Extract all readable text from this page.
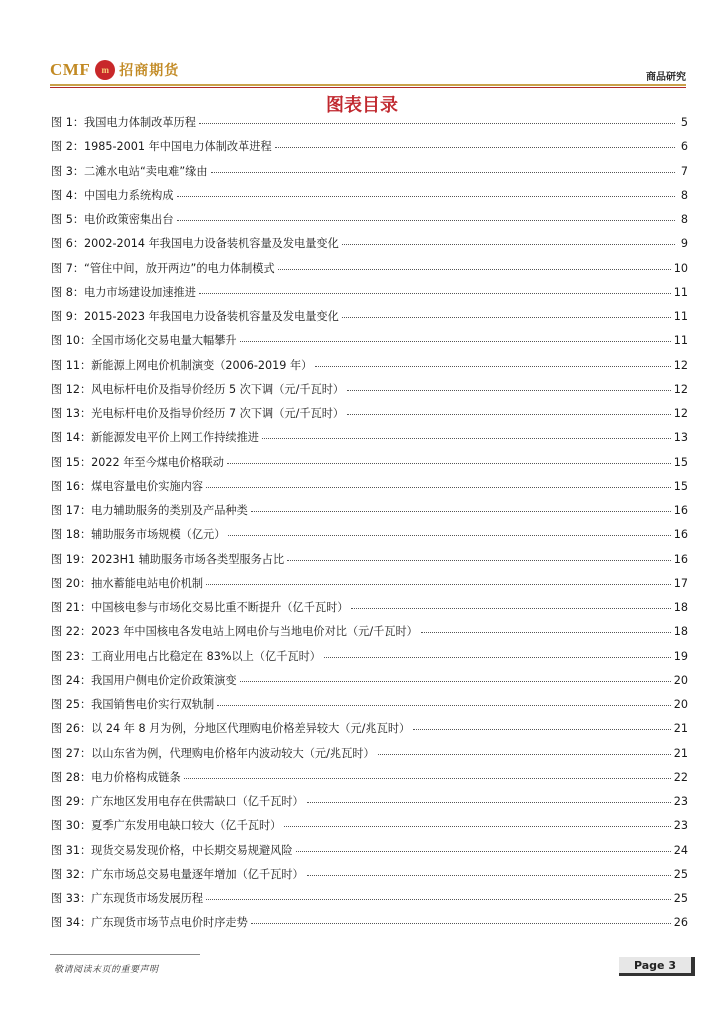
CMF	m 招商期货	商品研究
图表目录
图 1：我国电力体制改革历程	5
图 2：1985-2001 年中国电力体制改革进程	6
图 3：二滩水电站“卖电难”缘由	7
图 4：中国电力系统构成	8
图 5：电价政策密集出台	8
图 6：2002-2014 年我国电力设备装机容量及发电量变化	9
图 7：“管住中间，放开两边”的电力体制模式	10
图 8：电力市场建设加速推进	11
图 9：2015-2023 年我国电力设备装机容量及发电量变化	11
图 10：全国市场化交易电量大幅攀升	11
图 11：新能源上网电价机制演变（2006-2019 年）	12
图 12：风电标杆电价及指导价经历 5 次下调（元/千瓦时）	12
图 13：光电标杆电价及指导价经历 7 次下调（元/千瓦时）	12
图 14：新能源发电平价上网工作持续推进	13
图 15：2022 年至今煤电价格联动	15
图 16：煤电容量电价实施内容	15
图 17：电力辅助服务的类别及产品种类	16
图 18：辅助服务市场规模（亿元）	16
图 19：2023H1 辅助服务市场各类型服务占比	16
图 20：抽水蓄能电站电价机制	17
图 21：中国核电参与市场化交易比重不断提升（亿千瓦时）	18
图 22：2023 年中国核电各发电站上网电价与当地电价对比（元/千瓦时）	18
图 23：工商业用电占比稳定在 83%以上（亿千瓦时）	19
图 24：我国用户侧电价定价政策演变	20
图 25：我国销售电价实行双轨制	20
图 26：以 24 年 8 月为例，分地区代理购电价格差异较大（元/兆瓦时）	21
图 27：以山东省为例，代理购电价格年内波动较大（元/兆瓦时）	21
图 28：电力价格构成链条	22
图 29：广东地区发用电存在供需缺口（亿千瓦时）	23
图 30：夏季广东发用电缺口较大（亿千瓦时）	23
图 31：现货交易发现价格，中长期交易规避风险	24
图 32：广东市场总交易电量逐年增加（亿千瓦时）	25
图 33：广东现货市场发展历程	25
图 34：广东现货市场节点电价时序走势	26
敬请阅读末页的重要声明	Page 3
